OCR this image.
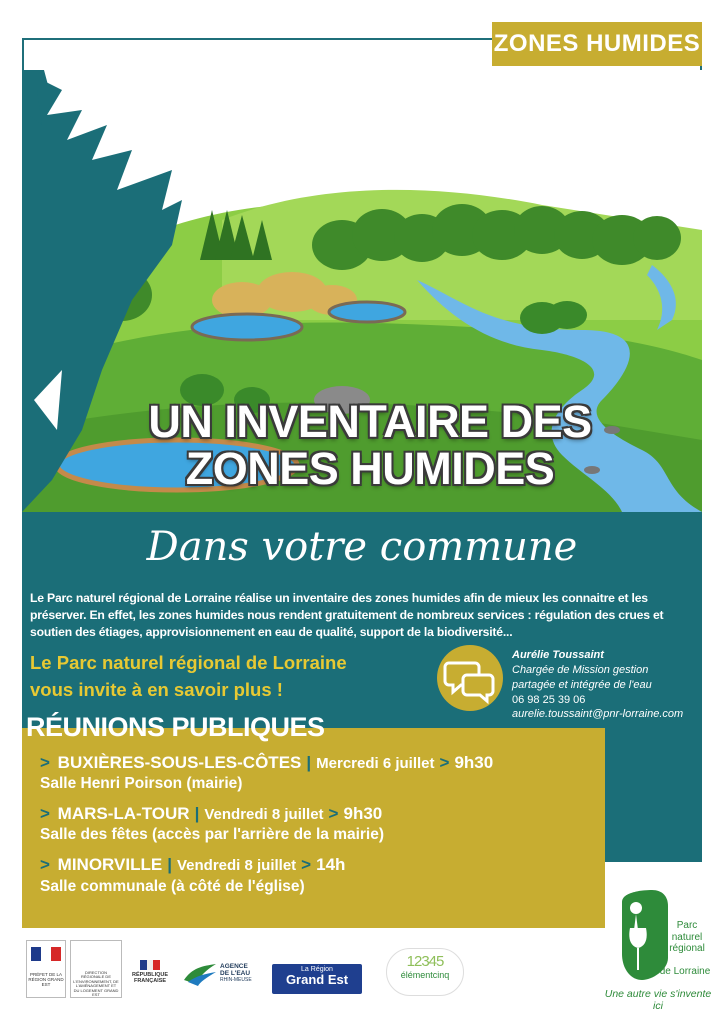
ZONES HUMIDES
UN INVENTAIRE DES
ZONES HUMIDES
Dans votre commune
Le Parc naturel régional de Lorraine réalise un inventaire des zones humides afin de mieux les connaitre et les préserver. En effet, les zones humides nous rendent gratuitement de nombreux services : régulation des crues et soutien des étiages, approvisionnement en eau de qualité, support de la biodiversité...
Le Parc naturel régional de Lorraine
vous invite à en savoir plus !
Aurélie Toussaint
Chargée de Mission gestion
partagée et intégrée de l'eau
06 98 25 39 06
aurelie.toussaint@pnr-lorraine.com
RÉUNIONS PUBLIQUES
> BUXIÈRES-SOUS-LES-CÔTES | Mercredi 6 juillet > 9h30
Salle Henri Poirson (mairie)
> MARS-LA-TOUR | Vendredi 8 juillet > 9h30
Salle des fêtes (accès par l'arrière de la mairie)
> MINORVILLE | Vendredi 8 juillet > 14h
Salle communale (à côté de l'église)
PRÉFET DE LA RÉGION GRAND EST
DIRECTION RÉGIONALE DE L'ENVIRONNEMENT, DE L'AMÉNAGEMENT ET DU LOGEMENT GRAND EST
RÉPUBLIQUE FRANÇAISE
AGENCE
DE L'EAU
RHIN-MEUSE
La Région
Grand Est
12345
élémentcinq
Parc
naturel
régional
de Lorraine
Une autre vie s'invente ici
